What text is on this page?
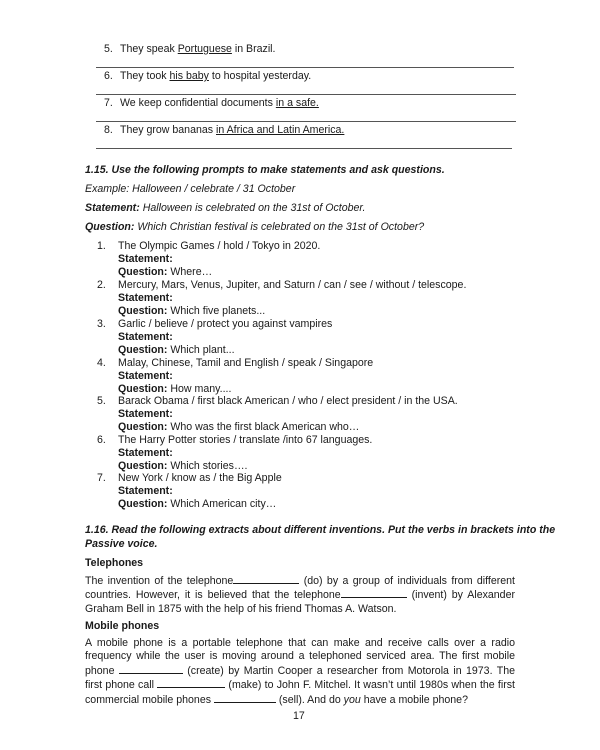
5. They speak Portuguese in Brazil.
6. They took his baby to hospital yesterday.
7. We keep confidential documents in a safe.
8. They grow bananas in Africa and Latin America.
1.15. Use the following prompts to make statements and ask questions.
Example: Halloween / celebrate / 31 October
Statement: Halloween is celebrated on the 31st of October.
Question: Which Christian festival is celebrated on the 31st of October?
1. The Olympic Games / hold / Tokyo in 2020.
Statement:
Question: Where…
2. Mercury, Mars, Venus, Jupiter, and Saturn / can / see / without / telescope.
Statement:
Question: Which five planets...
3. Garlic / believe / protect you against vampires
Statement:
Question: Which plant...
4. Malay, Chinese, Tamil and English / speak / Singapore
Statement:
Question: How many....
5. Barack Obama / first black American / who / elect president / in the USA.
Statement:
Question: Who was the first black American who…
6. The Harry Potter stories / translate /into 67 languages.
Statement:
Question: Which stories….
7. New York / know as / the Big Apple
Statement:
Question: Which American city…
1.16. Read the following extracts about different inventions. Put the verbs in brackets into the
Passive voice.
Telephones
The invention of the telephone	(do) by a group of individuals from different countries. However, it is believed that the telephone	(invent) by Alexander Graham Bell in 1875 with the help of his friend Thomas A. Watson.
Mobile phones
A mobile phone is a portable telephone that can make and receive calls over a radio frequency while the user is moving around a telephoned serviced area. The first mobile phone	(create) by Martin Cooper a researcher from Motorola in 1973. The first phone call	(make) to John F. Mitchel. It wasn’t until 1980s when the first commercial mobile phones	(sell). And do you have a mobile phone?
17
